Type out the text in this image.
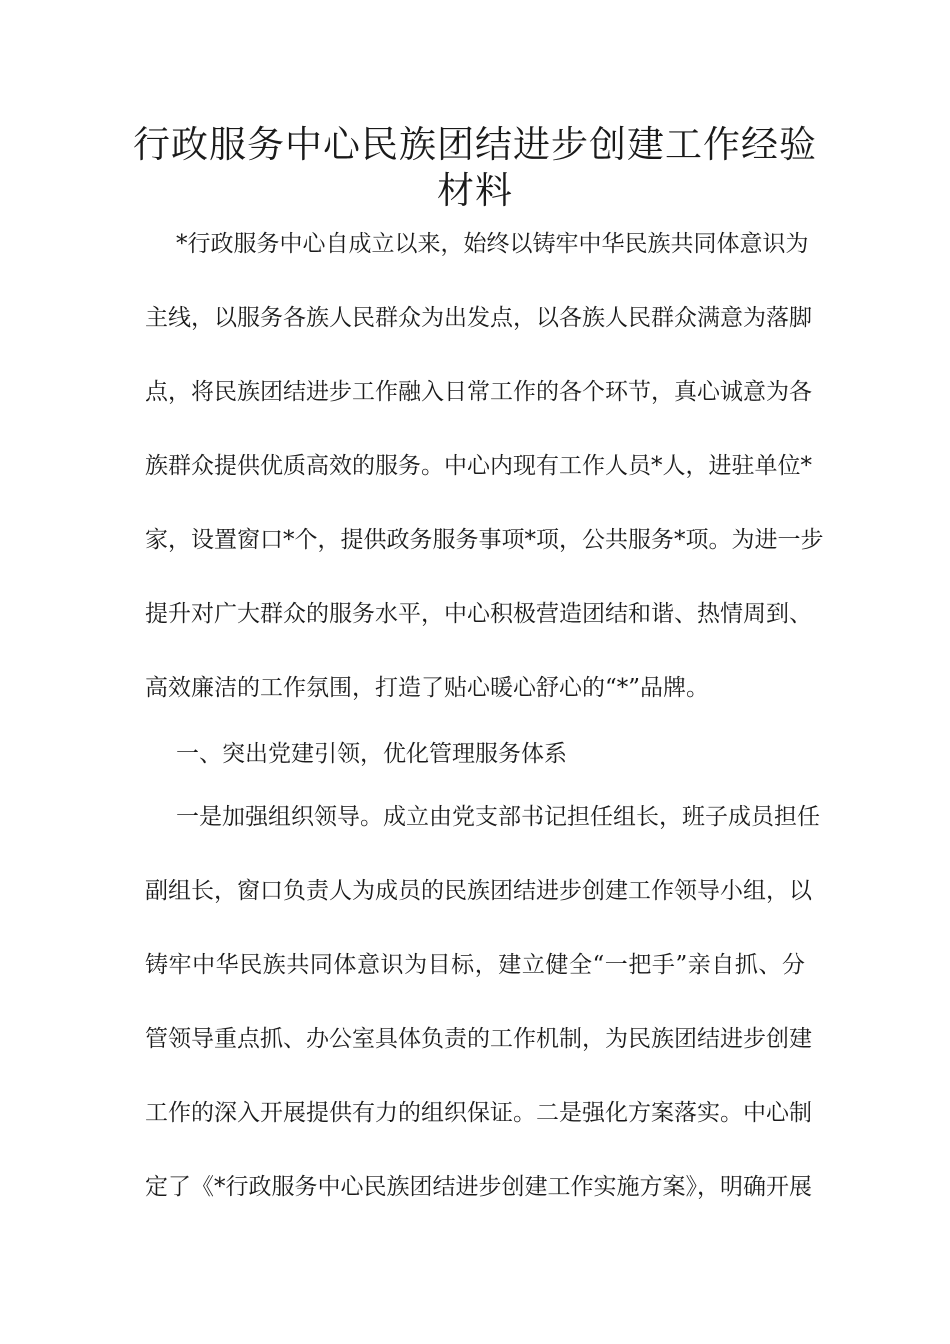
行政服务中心民族团结进步创建工作经验
材料
*行政服务中心自成立以来，始终以铸牢中华民族共同体意识为
主线，以服务各族人民群众为出发点，以各族人民群众满意为落脚
点，将民族团结进步工作融入日常工作的各个环节，真心诚意为各
族群众提供优质高效的服务。中心内现有工作人员*人，进驻单位*
家，设置窗口*个，提供政务服务事项*项，公共服务*项。为进一步
提升对广大群众的服务水平，中心积极营造团结和谐、热情周到、
高效廉洁的工作氛围，打造了贴心暖心舒心的“*”品牌。
一、突出党建引领，优化管理服务体系
一是加强组织领导。成立由党支部书记担任组长，班子成员担任
副组长，窗口负责人为成员的民族团结进步创建工作领导小组，以
铸牢中华民族共同体意识为目标，建立健全“一把手”亲自抓、分
管领导重点抓、办公室具体负责的工作机制，为民族团结进步创建
工作的深入开展提供有力的组织保证。二是强化方案落实。中心制
定了《*行政服务中心民族团结进步创建工作实施方案》，明确开展
